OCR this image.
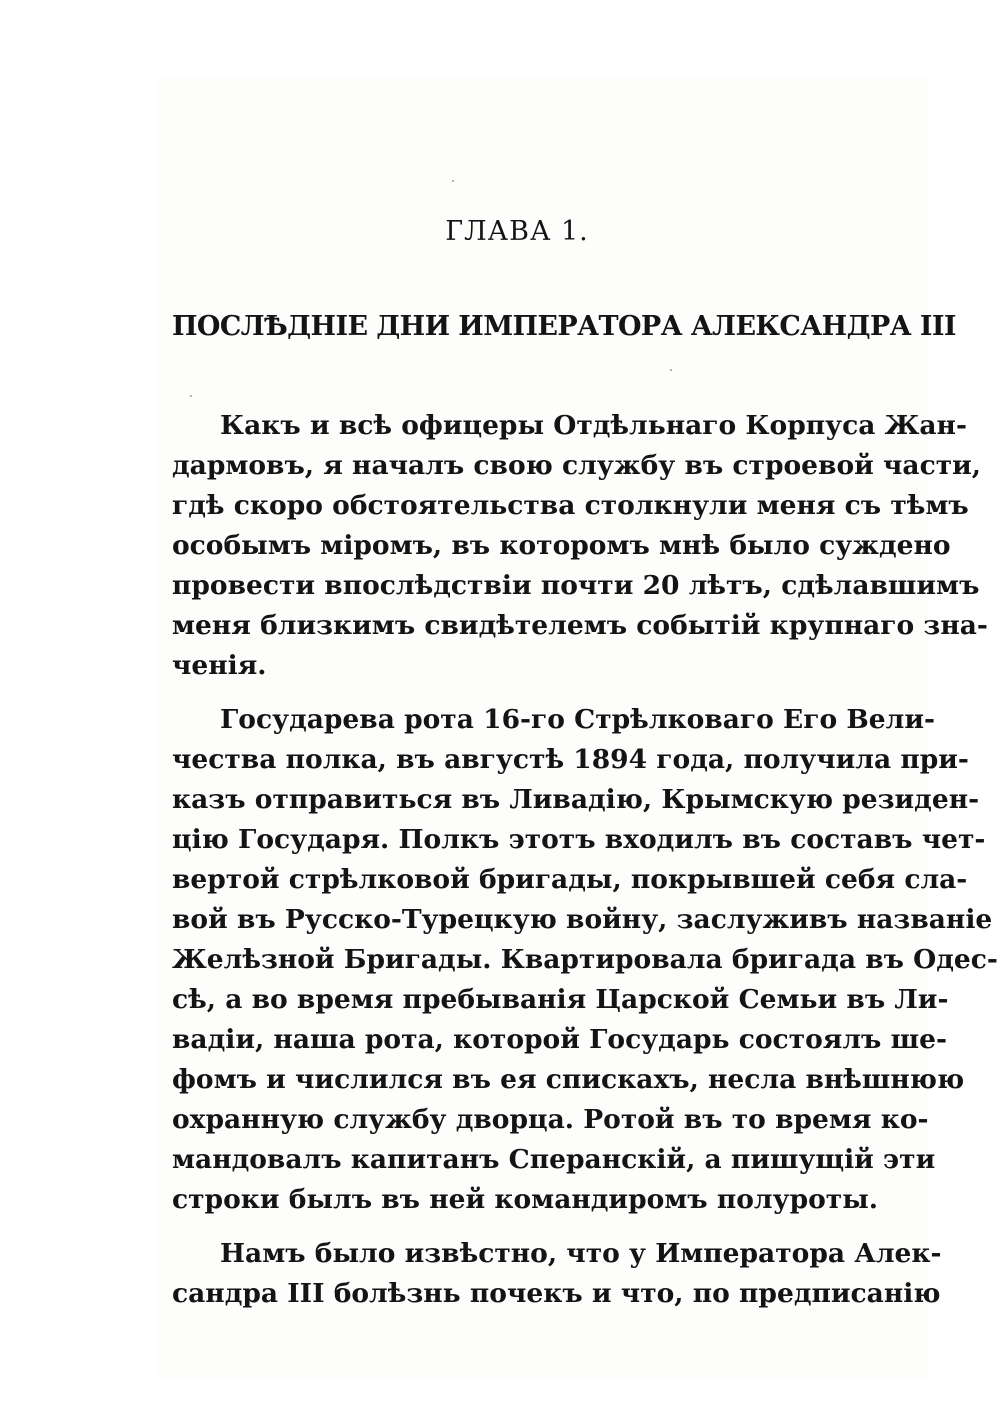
ГЛАВА 1.
ПОСЛѢДНІЕ ДНИ ИМПЕРАТОРА АЛЕКСАНДРА III

Какъ и всѣ офицеры Отдѣльнаго Корпуса Жан-
дармовъ, я началъ свою службу въ строевой части,
гдѣ скоро обстоятельства столкнули меня съ тѣмъ
особымъ міромъ, въ которомъ мнѣ было суждено
провести впослѣдствіи почти 20 лѣтъ, сдѣлавшимъ
меня близкимъ свидѣтелемъ событій крупнаго зна-
ченія.

Государева рота 16-го Стрѣлковаго Его Вели-
чества полка, въ августѣ 1894 года, получила при-
казъ отправиться въ Ливадію, Крымскую резиден-
цію Государя. Полкъ этотъ входилъ въ составъ чет-
вертой стрѣлковой бригады, покрывшей себя сла-
вой въ Русско-Турецкую войну, заслуживъ названіе
Желѣзной Бригады. Квартировала бригада въ Одес-
сѣ, а во время пребыванія Царской Семьи въ Ли-
вадіи, наша рота, которой Государь состоялъ ше-
фомъ и числился въ ея спискахъ, несла внѣшнюю
охранную службу дворца. Ротой въ то время ко-
мандовалъ капитанъ Сперанскій, а пишущій эти
строки былъ въ ней командиромъ полуроты.

Намъ было извѣстно, что у Императора Алек-
сандра III болѣзнь почекъ и что, по предписанію
